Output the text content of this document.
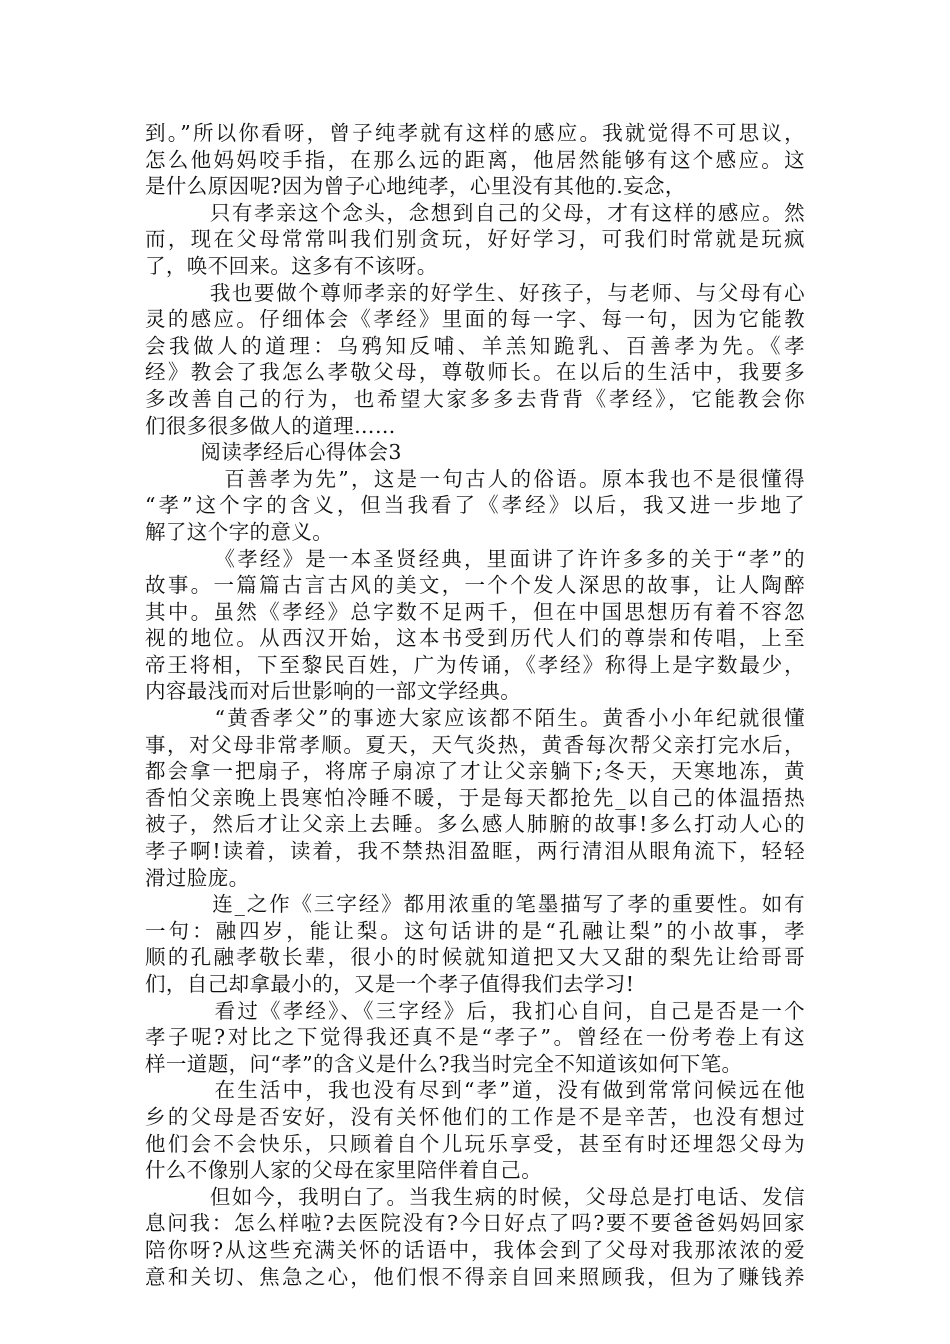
到。”所以你看呀，曾子纯孝就有这样的感应。我就觉得不可思议，
怎么他妈妈咬手指，在那么远的距离，他居然能够有这个感应。这
是什么原因呢?因为曾子心地纯孝，心里没有其他的.妄念，
只有孝亲这个念头，念想到自己的父母，才有这样的感应。然
而，现在父母常常叫我们别贪玩，好好学习，可我们时常就是玩疯
了，唤不回来。这多有不该呀。
我也要做个尊师孝亲的好学生、好孩子，与老师、与父母有心
灵的感应。仔细体会《孝经》里面的每一字、每一句，因为它能教
会我做人的道理：乌鸦知反哺、羊羔知跪乳、百善孝为先。《孝
经》教会了我怎么孝敬父母，尊敬师长。在以后的生活中，我要多
多改善自己的行为，也希望大家多多去背背《孝经》，它能教会你
们很多很多做人的道理……
阅读孝经后心得体会3
百善孝为先”，这是一句古人的俗语。原本我也不是很懂得
“孝”这个字的含义，但当我看了《孝经》以后，我又进一步地了
解了这个字的意义。
《孝经》是一本圣贤经典，里面讲了许许多多的关于“孝”的
故事。一篇篇古言古风的美文，一个个发人深思的故事，让人陶醉
其中。虽然《孝经》总字数不足两千，但在中国思想历有着不容忽
视的地位。从西汉开始，这本书受到历代人们的尊崇和传唱，上至
帝王将相，下至黎民百姓，广为传诵，《孝经》称得上是字数最少，
内容最浅而对后世影响的一部文学经典。
“黄香孝父”的事迹大家应该都不陌生。黄香小小年纪就很懂
事，对父母非常孝顺。夏天，天气炎热，黄香每次帮父亲打完水后，
都会拿一把扇子，将席子扇凉了才让父亲躺下;冬天，天寒地冻，黄
香怕父亲晚上畏寒怕冷睡不暖，于是每天都抢先_以自己的体温捂热
被子，然后才让父亲上去睡。多么感人肺腑的故事!多么打动人心的
孝子啊!读着，读着，我不禁热泪盈眶，两行清泪从眼角流下，轻轻
滑过脸庞。
连_之作《三字经》都用浓重的笔墨描写了孝的重要性。如有
一句：融四岁，能让梨。这句话讲的是“孔融让梨”的小故事，孝
顺的孔融孝敬长辈，很小的时候就知道把又大又甜的梨先让给哥哥
们，自己却拿最小的，又是一个孝子值得我们去学习!
看过《孝经》、《三字经》后，我扪心自问，自己是否是一个
孝子呢?对比之下觉得我还真不是“孝子”。曾经在一份考卷上有这
样一道题，问“孝”的含义是什么?我当时完全不知道该如何下笔。
在生活中，我也没有尽到“孝”道，没有做到常常问候远在他
乡的父母是否安好，没有关怀他们的工作是不是辛苦，也没有想过
他们会不会快乐，只顾着自个儿玩乐享受，甚至有时还埋怨父母为
什么不像别人家的父母在家里陪伴着自己。
但如今，我明白了。当我生病的时候，父母总是打电话、发信
息问我：怎么样啦?去医院没有?今日好点了吗?要不要爸爸妈妈回家
陪你呀?从这些充满关怀的话语中，我体会到了父母对我那浓浓的爱
意和关切、焦急之心，他们恨不得亲自回来照顾我，但为了赚钱养
